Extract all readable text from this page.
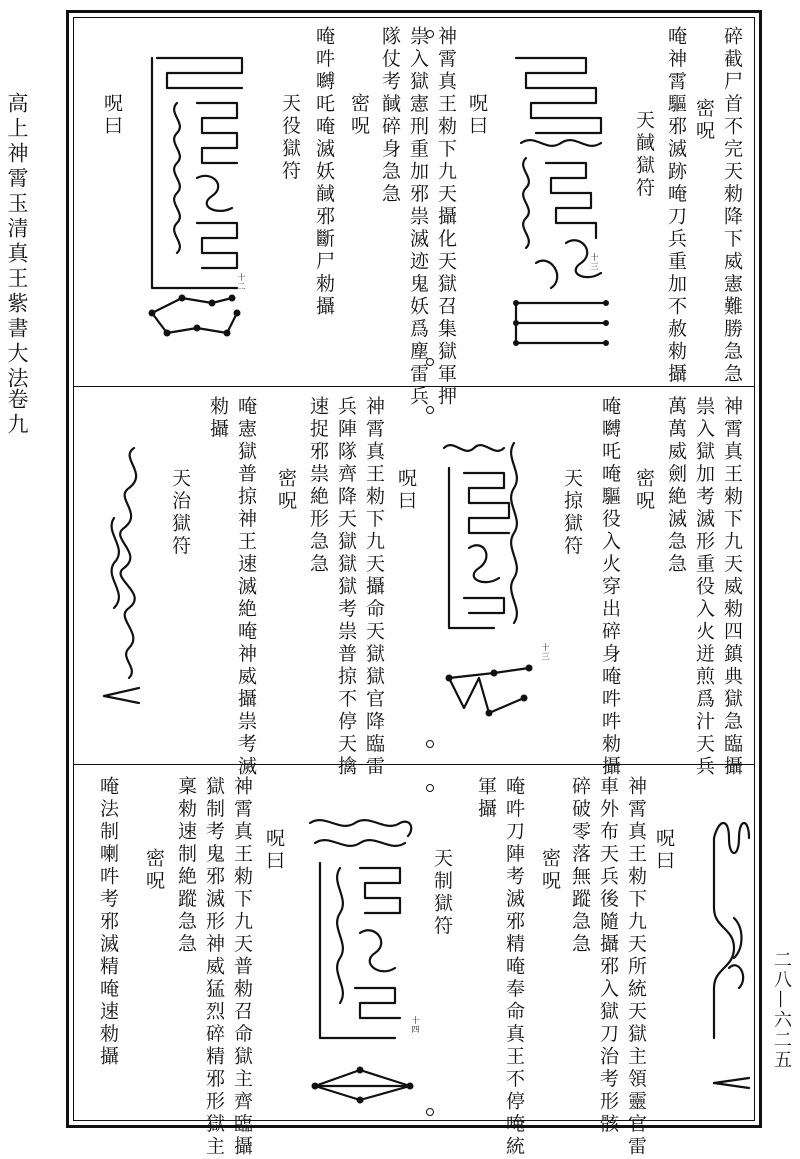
高上神霄玉清真王紫書大法
卷九
二八—六二五
碎截尸首不完天勑降下威憲難勝急急
密呪
唵神霄驅邪滅跡唵刀兵重加不赦勑攝
天馘獄符
十三
呪曰
神霄真王勑下九天攝化天獄召集獄軍押
祟入獄憲刑重加邪祟滅迹鬼妖爲塵雷兵
隊仗考馘碎身急急
密呪
唵吽嚩吒唵滅妖馘邪斷尸勑攝
天役獄符
十二
呪曰
神霄真王勑下九天威勑四鎮典獄急臨攝
祟入獄加考滅形重役入火迸煎爲汁天兵
萬萬威劍絶滅急急
密呪
唵嚩吒唵驅役入火穿出碎身唵吽吽勑攝
天掠獄符
十三
呪曰
神霄真王勑下九天攝命天獄獄官降臨雷
兵陣隊齊降天獄獄獄考祟普掠不停天擒
速捉邪祟絶形急急
密呪
唵憲獄普掠神王速滅絶唵神威攝祟考滅
勑攝
天治獄符
呪曰
神霄真王勑下九天所統天獄主領靈官雷
車外布天兵後隨攝邪入獄刀治考形骸
碎破零落無蹤急急
密呪
唵吽刀陣考滅邪精唵奉命真王不停唵統
軍攝
天制獄符
十四
呪曰
神霄真王勑下九天普勑召命獄主齊臨攝
獄制考鬼邪滅形神威猛烈碎精邪形獄主
稟勑速制絶蹤急急
密呪
唵法制喇吽考邪滅精唵速勑攝
